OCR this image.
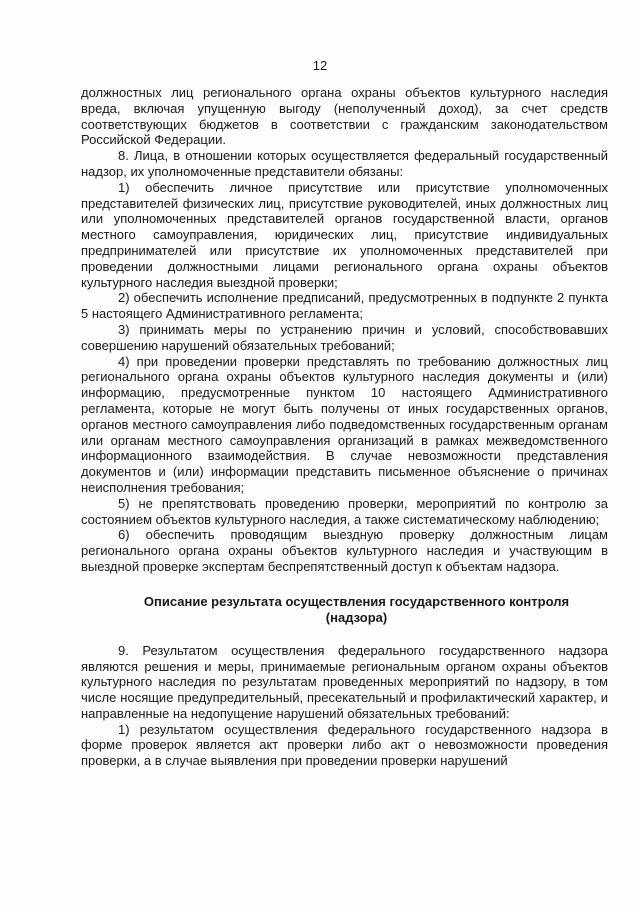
12

должностных лиц регионального органа охраны объектов культурного наследия вреда, включая упущенную выгоду (неполученный доход), за счет средств соответствующих бюджетов в соответствии с гражданским законодательством Российской Федерации.

8. Лица, в отношении которых осуществляется федеральный государственный надзор, их уполномоченные представители обязаны:

1) обеспечить личное присутствие или присутствие уполномоченных представителей физических лиц, присутствие руководителей, иных должностных лиц или уполномоченных представителей органов государственной власти, органов местного самоуправления, юридических лиц, присутствие индивидуальных предпринимателей или присутствие их уполномоченных представителей при проведении должностными лицами регионального органа охраны объектов культурного наследия выездной проверки;

2) обеспечить исполнение предписаний, предусмотренных в подпункте 2 пункта 5 настоящего Административного регламента;

3) принимать меры по устранению причин и условий, способствовавших совершению нарушений обязательных требований;

4) при проведении проверки представлять по требованию должностных лиц регионального органа охраны объектов культурного наследия документы и (или) информацию, предусмотренные пунктом 10 настоящего Административного регламента, которые не могут быть получены от иных государственных органов, органов местного самоуправления либо подведомственных государственным органам или органам местного самоуправления организаций в рамках межведомственного информационного взаимодействия. В случае невозможности представления документов и (или) информации представить письменное объяснение о причинах неисполнения требования;

5) не препятствовать проведению проверки, мероприятий по контролю за состоянием объектов культурного наследия, а также систематическому наблюдению;

6) обеспечить проводящим выездную проверку должностным лицам регионального органа охраны объектов культурного наследия и участвующим в выездной проверке экспертам беспрепятственный доступ к объектам надзора.

Описание результата осуществления государственного контроля
(надзора)

9. Результатом осуществления федерального государственного надзора являются решения и меры, принимаемые региональным органом охраны объектов культурного наследия по результатам проведенных мероприятий по надзору, в том числе носящие предупредительный, пресекательный и профилактический характер, и направленные на недопущение нарушений обязательных требований:

1) результатом осуществления федерального государственного надзора в форме проверок является акт проверки либо акт о невозможности проведения проверки, а в случае выявления при проведении проверки нарушений
